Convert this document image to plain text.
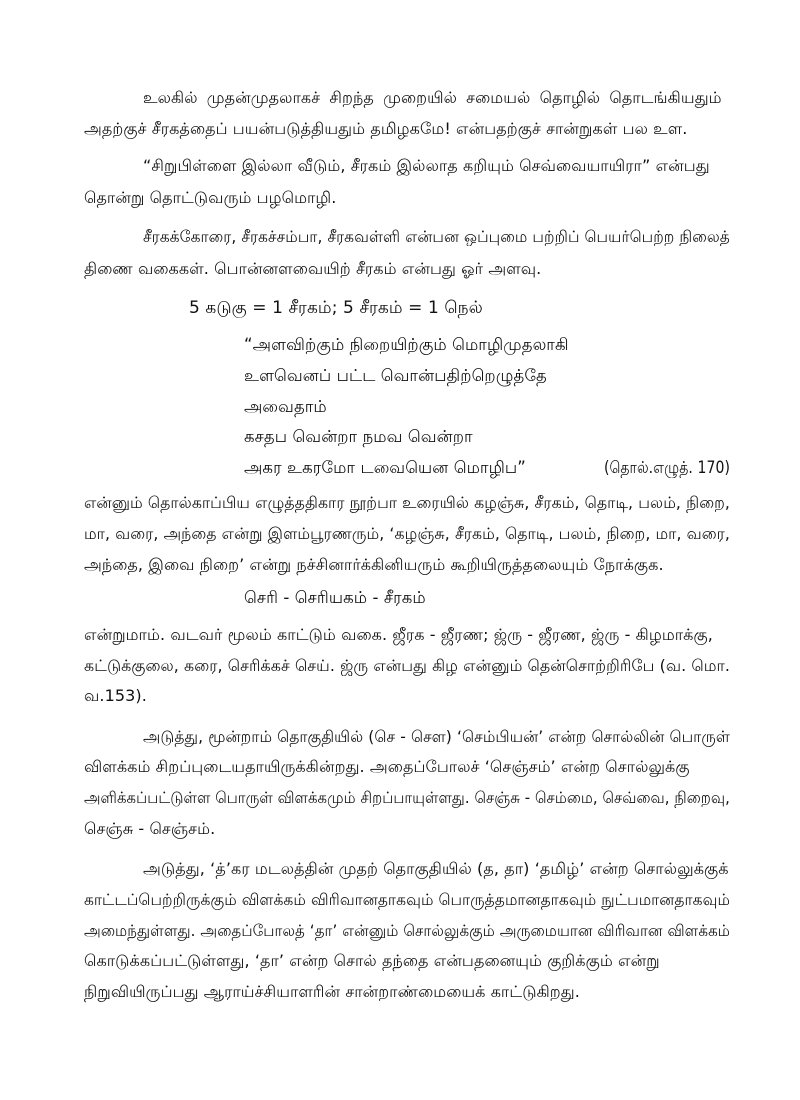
உலகில் முதன்முதலாகச் சிறந்த முறையில் சமையல் தொழில் தொடங்கியதும்
அதற்குச் சீரகத்தைப் பயன்படுத்தியதும் தமிழகமே! என்பதற்குச் சான்றுகள் பல உள.
“சிறுபிள்ளை இல்லா வீடும், சீரகம் இல்லாத கறியும் செவ்வையாயிரா” என்பது
தொன்று தொட்டுவரும் பழமொழி.
சீரகக்கோரை, சீரகச்சம்பா, சீரகவள்ளி என்பன ஒப்புமை பற்றிப் பெயர்பெற்ற நிலைத்
திணை வகைகள். பொன்னளவையிற் சீரகம் என்பது ஓர் அளவு.
5 கடுகு = 1 சீரகம்; 5 சீரகம் = 1 நெல்
“அளவிற்கும் நிறையிற்கும் மொழிமுதலாகி
உளவெனப் பட்ட வொன்பதிற்றெழுத்தே
அவைதாம்
கசதப வென்றா நமவ வென்றா
அகர உகரமோ டவையென மொழிப”	(தொல்.எழுத். 170)
என்னும் தொல்காப்பிய எழுத்ததிகார நூற்பா உரையில் கழஞ்சு, சீரகம், தொடி, பலம், நிறை,
மா, வரை, அந்தை என்று இளம்பூரணரும், ‘கழஞ்சு, சீரகம், தொடி, பலம், நிறை, மா, வரை,
அந்தை, இவை நிறை’ என்று நச்சினார்க்கினியரும் கூறியிருத்தலையும் நோக்குக.
செரி - செரியகம் - சீரகம்
என்றுமாம். வடவர் மூலம் காட்டும் வகை. ஜீரக - ஜீரண; ஜ்ரு - ஜீரண, ஜ்ரு - கிழமாக்கு,
கட்டுக்குலை, கரை, செரிக்கச் செய். ஜ்ரு என்பது கிழ என்னும் தென்சொற்றிரிபே (வ. மொ.
வ.153).
அடுத்து, மூன்றாம் தொகுதியில் (செ - சௌ) ‘செம்பியன்’ என்ற சொல்லின் பொருள்
விளக்கம் சிறப்புடையதாயிருக்கின்றது. அதைப்போலச் ‘செஞ்சம்’ என்ற சொல்லுக்கு
அளிக்கப்பட்டுள்ள பொருள் விளக்கமும் சிறப்பாயுள்ளது. செஞ்சு - செம்மை, செவ்வை, நிறைவு,
செஞ்சு - செஞ்சம்.
அடுத்து, ‘த்’கர மடலத்தின் முதற் தொகுதியில் (த, தா) ‘தமிழ்’ என்ற சொல்லுக்குக்
காட்டப்பெற்றிருக்கும் விளக்கம் விரிவானதாகவும் பொருத்தமானதாகவும் நுட்பமானதாகவும்
அமைந்துள்ளது. அதைப்போலத் ‘தா’ என்னும் சொல்லுக்கும் அருமையான விரிவான விளக்கம்
கொடுக்கப்பட்டுள்ளது, ‘தா’ என்ற சொல் தந்தை என்பதனையும் குறிக்கும் என்று
நிறுவியிருப்பது ஆராய்ச்சியாளரின் சான்றாண்மையைக் காட்டுகிறது.
